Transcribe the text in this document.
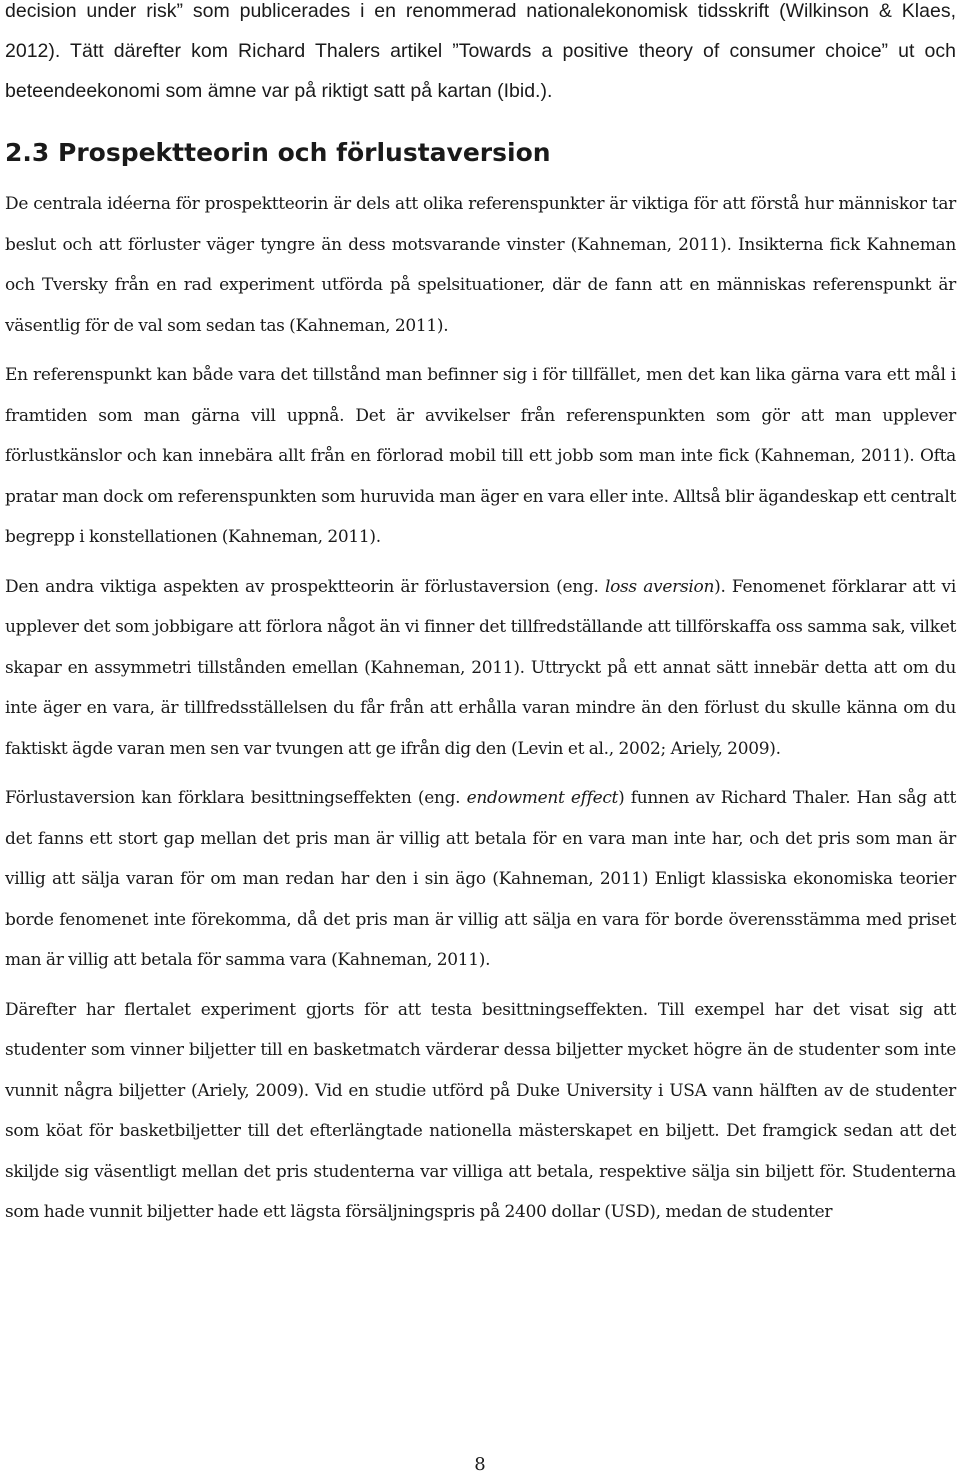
decision under risk” som publicerades i en renommerad nationalekonomisk tidsskrift (Wilkinson & Klaes, 2012). Tätt därefter kom Richard Thalers artikel ”Towards a positive theory of consumer choice” ut och beteendeekonomi som ämne var på riktigt satt på kartan (Ibid.).

2.3 Prospektteorin och förlustaversion

De centrala idéerna för prospektteorin är dels att olika referenspunkter är viktiga för att förstå hur människor tar beslut och att förluster väger tyngre än dess motsvarande vinster (Kahneman, 2011). Insikterna fick Kahneman och Tversky från en rad experiment utförda på spelsituationer, där de fann att en människas referenspunkt är väsentlig för de val som sedan tas (Kahneman, 2011).

En referenspunkt kan både vara det tillstånd man befinner sig i för tillfället, men det kan lika gärna vara ett mål i framtiden som man gärna vill uppnå. Det är avvikelser från referenspunkten som gör att man upplever förlustkänslor och kan innebära allt från en förlorad mobil till ett jobb som man inte fick (Kahneman, 2011). Ofta pratar man dock om referenspunkten som huruvida man äger en vara eller inte. Alltså blir ägandeskap ett centralt begrepp i konstellationen (Kahneman, 2011).

Den andra viktiga aspekten av prospektteorin är förlustaversion (eng. loss aversion). Fenomenet förklarar att vi upplever det som jobbigare att förlora något än vi finner det tillfredställande att tillförskaffa oss samma sak, vilket skapar en assymmetri tillstånden emellan (Kahneman, 2011). Uttryckt på ett annat sätt innebär detta att om du inte äger en vara, är tillfredsställelsen du får från att erhålla varan mindre än den förlust du skulle känna om du faktiskt ägde varan men sen var tvungen att ge ifrån dig den (Levin et al., 2002; Ariely, 2009).

Förlustaversion kan förklara besittningseffekten (eng. endowment effect) funnen av Richard Thaler. Han såg att det fanns ett stort gap mellan det pris man är villig att betala för en vara man inte har, och det pris som man är villig att sälja varan för om man redan har den i sin ägo (Kahneman, 2011) Enligt klassiska ekonomiska teorier borde fenomenet inte förekomma, då det pris man är villig att sälja en vara för borde överensstämma med priset man är villig att betala för samma vara (Kahneman, 2011).

Därefter har flertalet experiment gjorts för att testa besittningseffekten. Till exempel har det visat sig att studenter som vinner biljetter till en basketmatch värderar dessa biljetter mycket högre än de studenter som inte vunnit några biljetter (Ariely, 2009). Vid en studie utförd på Duke University i USA vann hälften av de studenter som köat för basketbiljetter till det efterlängtade nationella mästerskapet en biljett. Det framgick sedan att det skiljde sig väsentligt mellan det pris studenterna var villiga att betala, respektive sälja sin biljett för. Studenterna som hade vunnit biljetter hade ett lägsta försäljningspris på 2400 dollar (USD), medan de studenter

8
